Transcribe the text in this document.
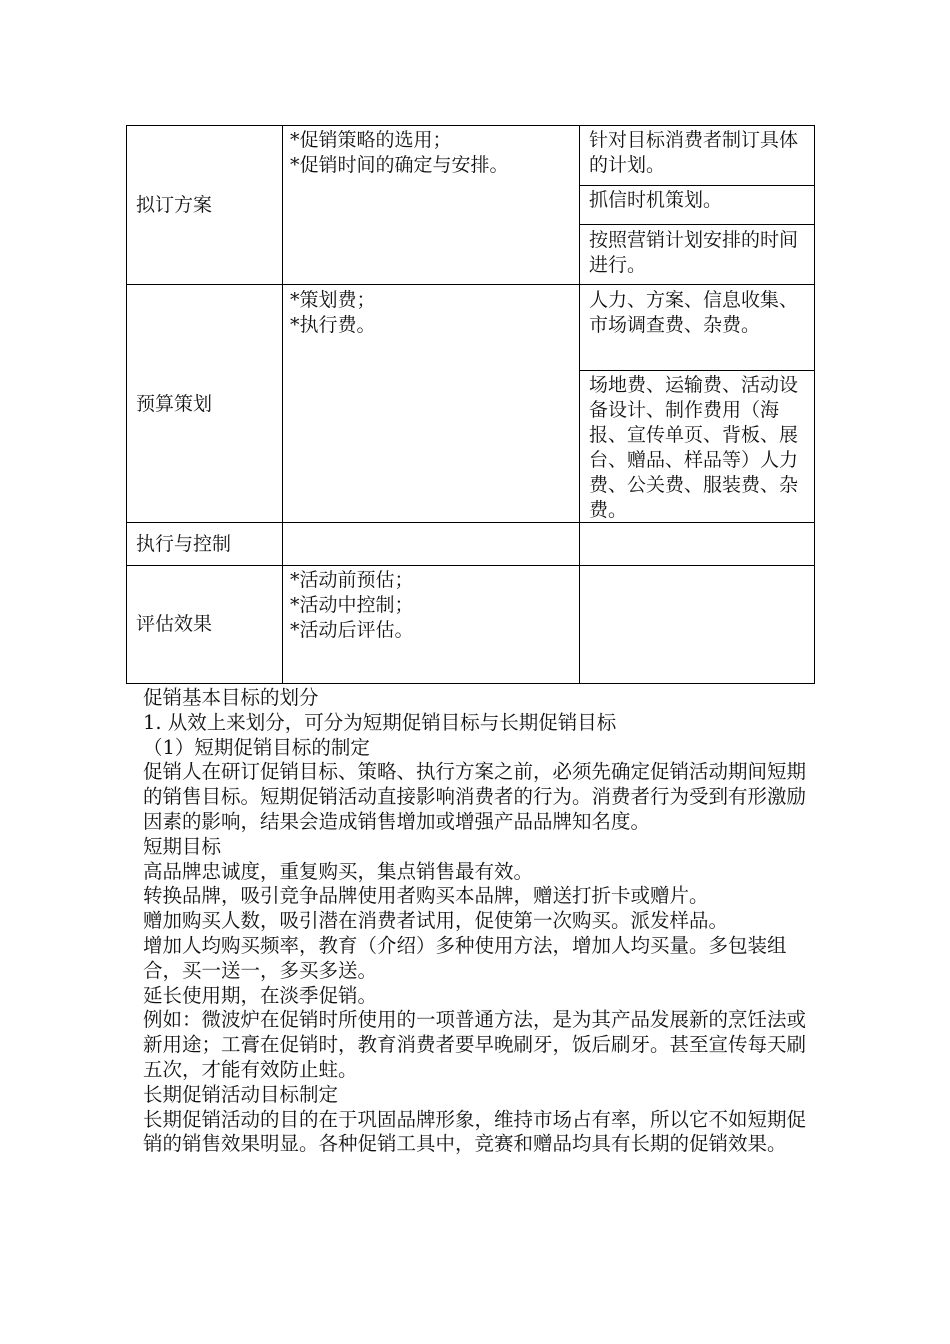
拟订方案
*促销策略的选用；
*促销时间的确定与安排。
针对目标消费者制订具体的计划。
抓信时机策划。
按照营销计划安排的时间进行。
预算策划
*策划费；
*执行费。
人力、方案、信息收集、市场调查费、杂费。
场地费、运输费、活动设备设计、制作费用（海报、宣传单页、背板、展台、赠品、样品等）人力费、公关费、服装费、杂费。
执行与控制
评估效果
*活动前预估；
*活动中控制；
*活动后评估。

促销基本目标的划分

1. 从效上来划分，可分为短期促销目标与长期促销目标

（1）短期促销目标的制定

促销人在研订促销目标、策略、执行方案之前，必须先确定促销活动期间短期的销售目标。短期促销活动直接影响消费者的行为。消费者行为受到有形激励因素的影响，结果会造成销售增加或增强产品品牌知名度。

短期目标

高品牌忠诚度，重复购买，集点销售最有效。

转换品牌，吸引竞争品牌使用者购买本品牌，赠送打折卡或赠片。

赠加购买人数，吸引潜在消费者试用，促使第一次购买。派发样品。

增加人均购买频率，教育（介绍）多种使用方法，增加人均买量。多包装组合，买一送一，多买多送。

延长使用期，在淡季促销。

例如：微波炉在促销时所使用的一项普通方法，是为其产品发展新的烹饪法或新用途；工膏在促销时，教育消费者要早晚刷牙，饭后刷牙。甚至宣传每天刷五次，才能有效防止蛀。

长期促销活动目标制定

长期促销活动的目的在于巩固品牌形象，维持市场占有率，所以它不如短期促销的销售效果明显。各种促销工具中，竞赛和赠品均具有长期的促销效果。
